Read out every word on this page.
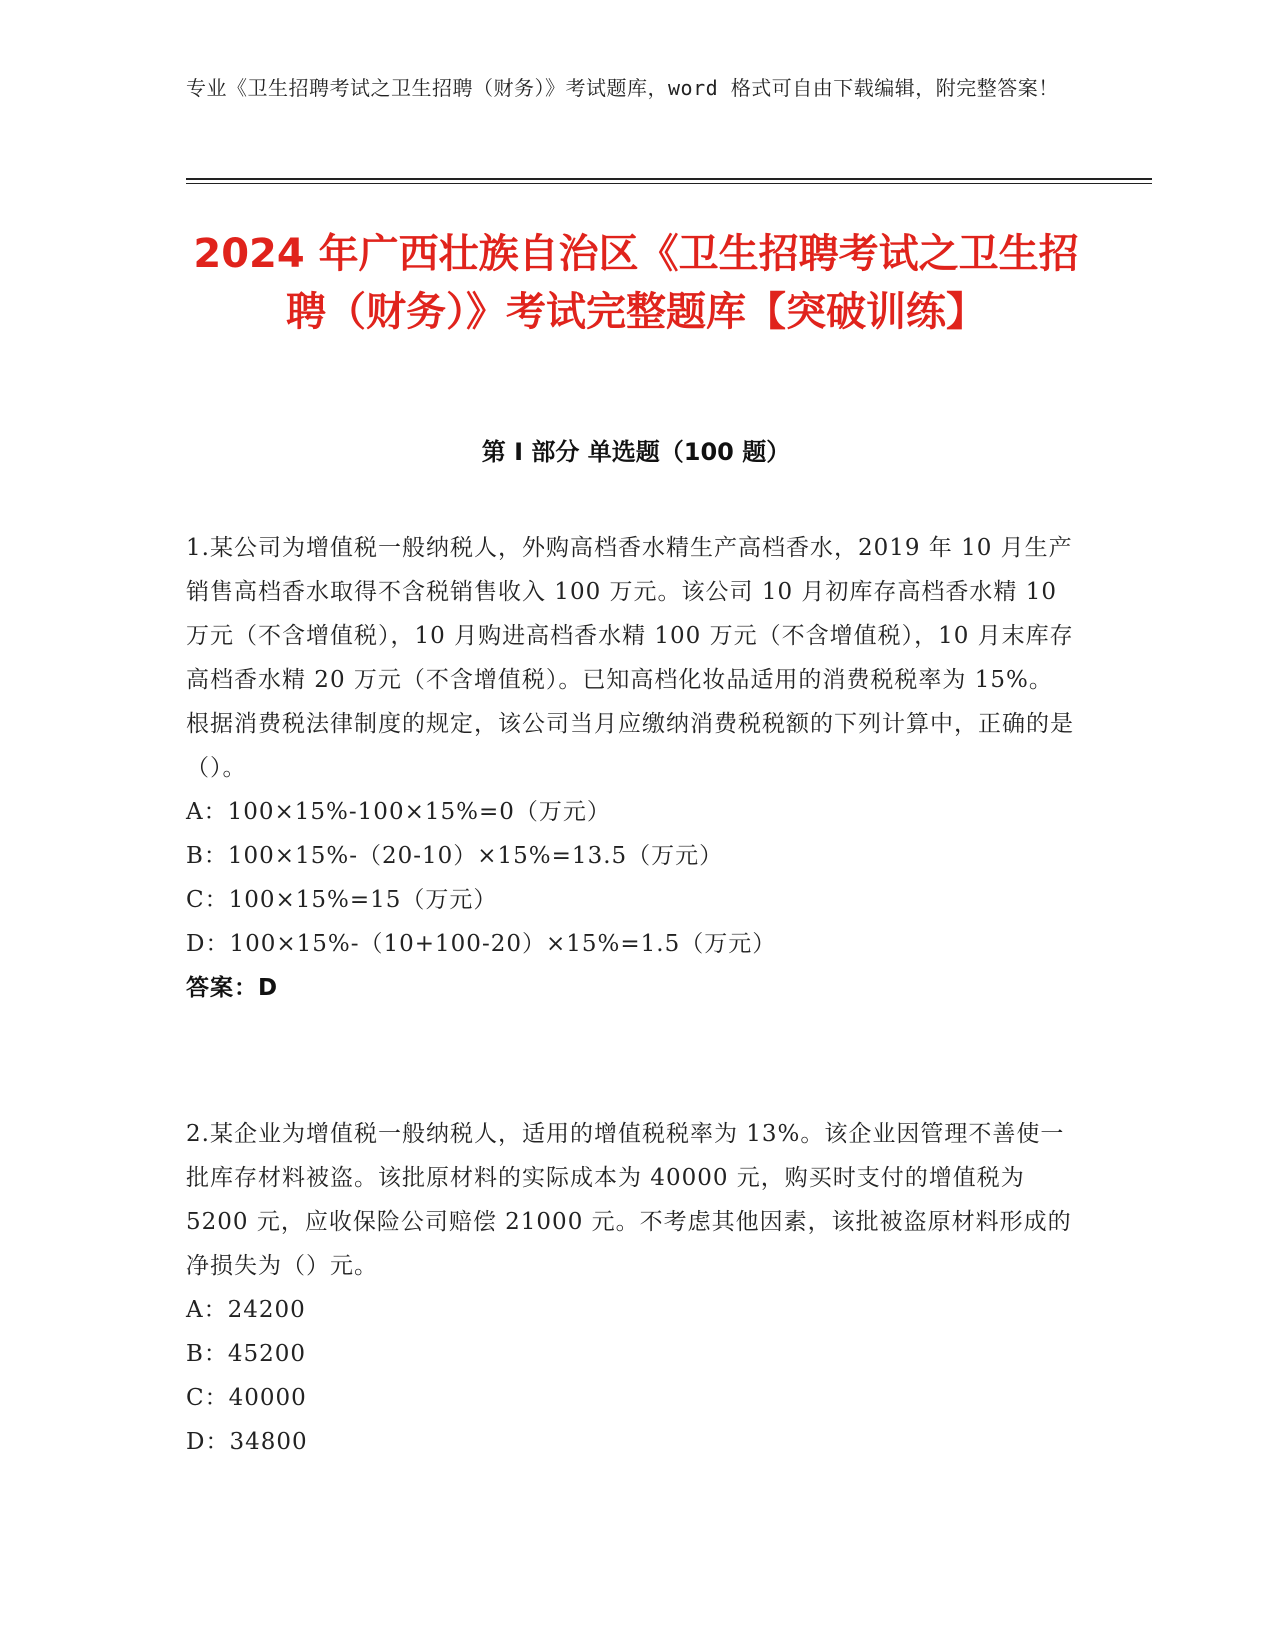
专业《卫生招聘考试之卫生招聘（财务）》考试题库，word 格式可自由下载编辑，附完整答案！
2024 年广西壮族自治区《卫生招聘考试之卫生招聘（财务）》考试完整题库【突破训练】
第 I 部分 单选题（100 题）

1.某公司为增值税一般纳税人，外购高档香水精生产高档香水，2019 年 10 月生产销售高档香水取得不含税销售收入 100 万元。该公司 10 月初库存高档香水精 10 万元（不含增值税），10 月购进高档香水精 100 万元（不含增值税），10 月末库存高档香水精 20 万元（不含增值税）。已知高档化妆品适用的消费税税率为 15%。根据消费税法律制度的规定，该公司当月应缴纳消费税税额的下列计算中，正确的是（）。

A：100×15%-100×15%=0（万元）

B：100×15%-（20-10）×15%=13.5（万元）

C：100×15%=15（万元）

D：100×15%-（10+100-20）×15%=1.5（万元）

答案：D

2.某企业为增值税一般纳税人，适用的增值税税率为 13%。该企业因管理不善使一批库存材料被盗。该批原材料的实际成本为 40000 元，购买时支付的增值税为 5200 元，应收保险公司赔偿 21000 元。不考虑其他因素，该批被盗原材料形成的净损失为（）元。

A：24200

B：45200

C：40000

D：34800
